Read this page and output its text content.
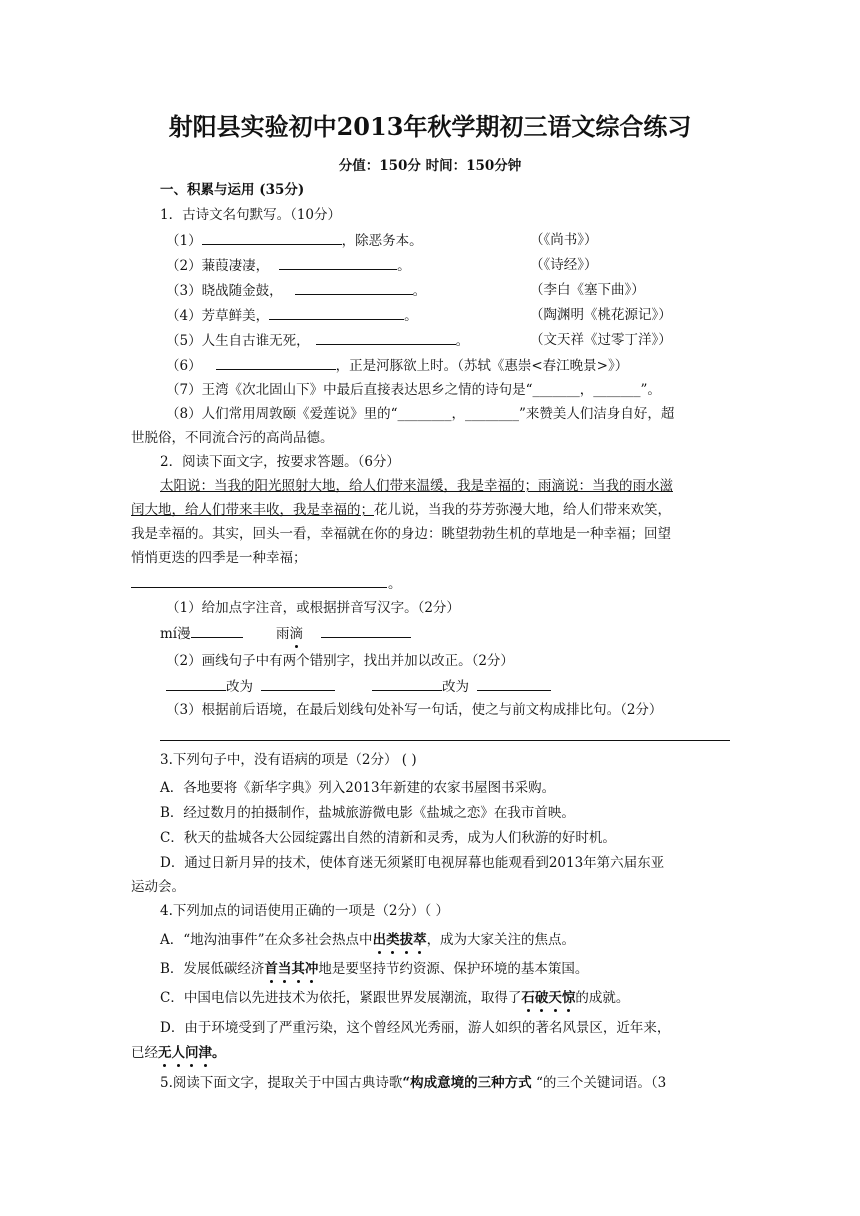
射阳县实验初中2013年秋学期初三语文综合练习
分值：150分 时间：150分钟
一、积累与运用 (35分)
1．古诗文名句默写。（10分）
（1）	，除恶务本。	（《尚书》）
（2）蒹葭凄凄，	。	（《诗经》）
（3）晓战随金鼓，	。	（李白《塞下曲》）
（4）芳草鲜美，	。	（陶渊明《桃花源记》）
（5）人生自古谁无死，	。	（文天祥《过零丁洋》）
（6）	，正是河豚欲上时。（苏轼《惠崇<春江晚景>》）
（7）王湾《次北固山下》中最后直接表达思乡之情的诗句是“_______，_______”。
（8）人们常用周敦颐《爱莲说》里的“________，________”来赞美人们洁身自好，超
世脱俗，不同流合污的高尚品德。
2．阅读下面文字，按要求答题。（6分）
太阳说：当我的阳光照射大地，给人们带来温缓，我是幸福的；雨滴说：当我的雨水滋
闰大地，给人们带来丰收，我是幸福的；花儿说，当我的芬芳弥漫大地，给人们带来欢笑，
我是幸福的。其实，回头一看，幸福就在你的身边：眺望勃勃生机的草地是一种幸福；回望
悄悄更迭的四季是一种幸福；
。
（1）给加点字注音，或根据拼音写汉字。（2分）
mí漫	雨滴
（2）画线句子中有两个错别字，找出并加以改正。（2分）
改为	改为
（3）根据前后语境，在最后划线句处补写一句话，使之与前文构成排比句。（2分）
3.下列句子中，没有语病的项是（2分） ( )
A．各地要将《新华字典》列入2013年新建的农家书屋图书采购。
B．经过数月的拍摄制作，盐城旅游微电影《盐城之恋》在我市首映。
C．秋天的盐城各大公园绽露出自然的清新和灵秀，成为人们秋游的好时机。
D．通过日新月异的技术，使体育迷无须紧盯电视屏幕也能观看到2013年第六届东亚
运动会。
4.下列加点的词语使用正确的一项是（2分）（ ）
A．“地沟油事件”在众多社会热点中出类拔萃，成为大家关注的焦点。
B．发展低碳经济首当其冲地是要坚持节约资源、保护环境的基本策国。
C．中国电信以先进技术为依托，紧跟世界发展潮流，取得了石破天惊的成就。
D．由于环境受到了严重污染，这个曾经风光秀丽，游人如织的著名风景区，近年来，
已经无人问津。
5.阅读下面文字，提取关于中国古典诗歌“构成意境的三种方式 “的三个关键词语。（3
